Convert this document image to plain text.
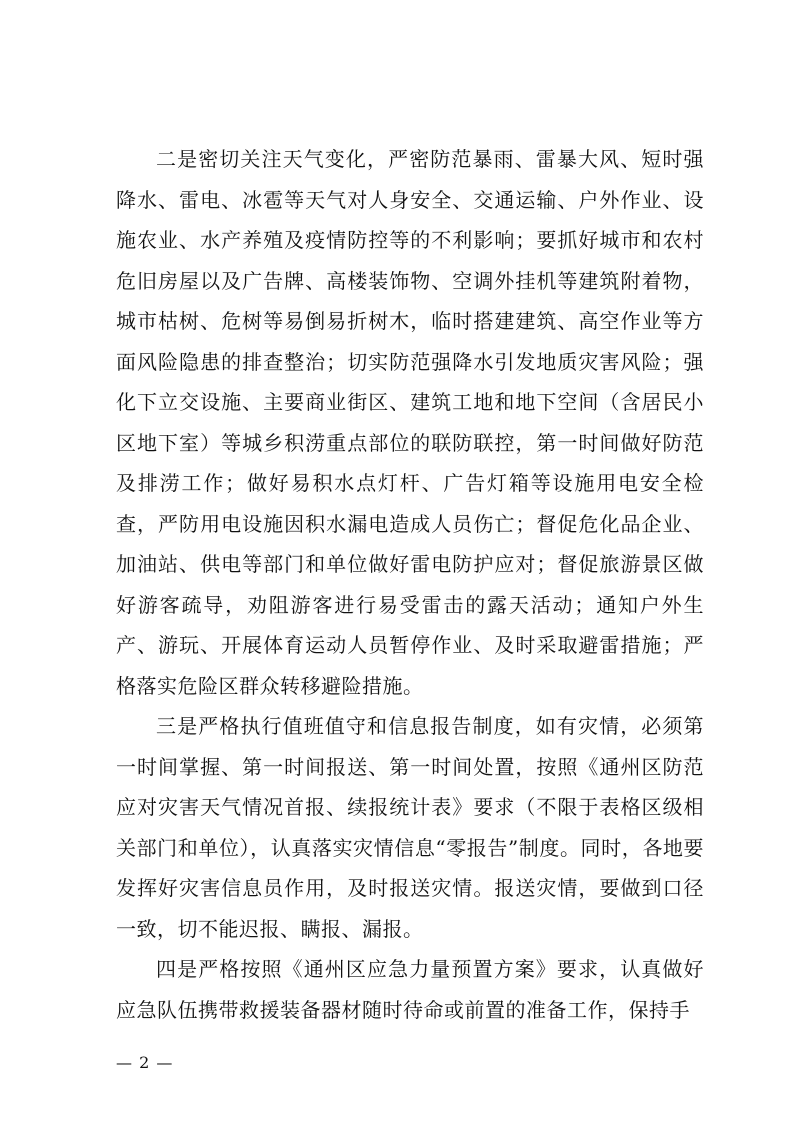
二是密切关注天气变化，严密防范暴雨、雷暴大风、短时强降水、雷电、冰雹等天气对人身安全、交通运输、户外作业、设施农业、水产养殖及疫情防控等的不利影响；要抓好城市和农村危旧房屋以及广告牌、高楼装饰物、空调外挂机等建筑附着物，城市枯树、危树等易倒易折树木，临时搭建建筑、高空作业等方面风险隐患的排查整治；切实防范强降水引发地质灾害风险；强化下立交设施、主要商业街区、建筑工地和地下空间（含居民小区地下室）等城乡积涝重点部位的联防联控，第一时间做好防范及排涝工作；做好易积水点灯杆、广告灯箱等设施用电安全检查，严防用电设施因积水漏电造成人员伤亡；督促危化品企业、加油站、供电等部门和单位做好雷电防护应对；督促旅游景区做好游客疏导，劝阻游客进行易受雷击的露天活动；通知户外生产、游玩、开展体育运动人员暂停作业、及时采取避雷措施；严格落实危险区群众转移避险措施。

三是严格执行值班值守和信息报告制度，如有灾情，必须第一时间掌握、第一时间报送、第一时间处置，按照《通州区防范应对灾害天气情况首报、续报统计表》要求（不限于表格区级相关部门和单位），认真落实灾情信息“零报告”制度。同时，各地要发挥好灾害信息员作用，及时报送灾情。报送灾情，要做到口径一致，切不能迟报、瞒报、漏报。

四是严格按照《通州区应急力量预置方案》要求，认真做好应急队伍携带救援装备器材随时待命或前置的准备工作，保持手

— 2 —
